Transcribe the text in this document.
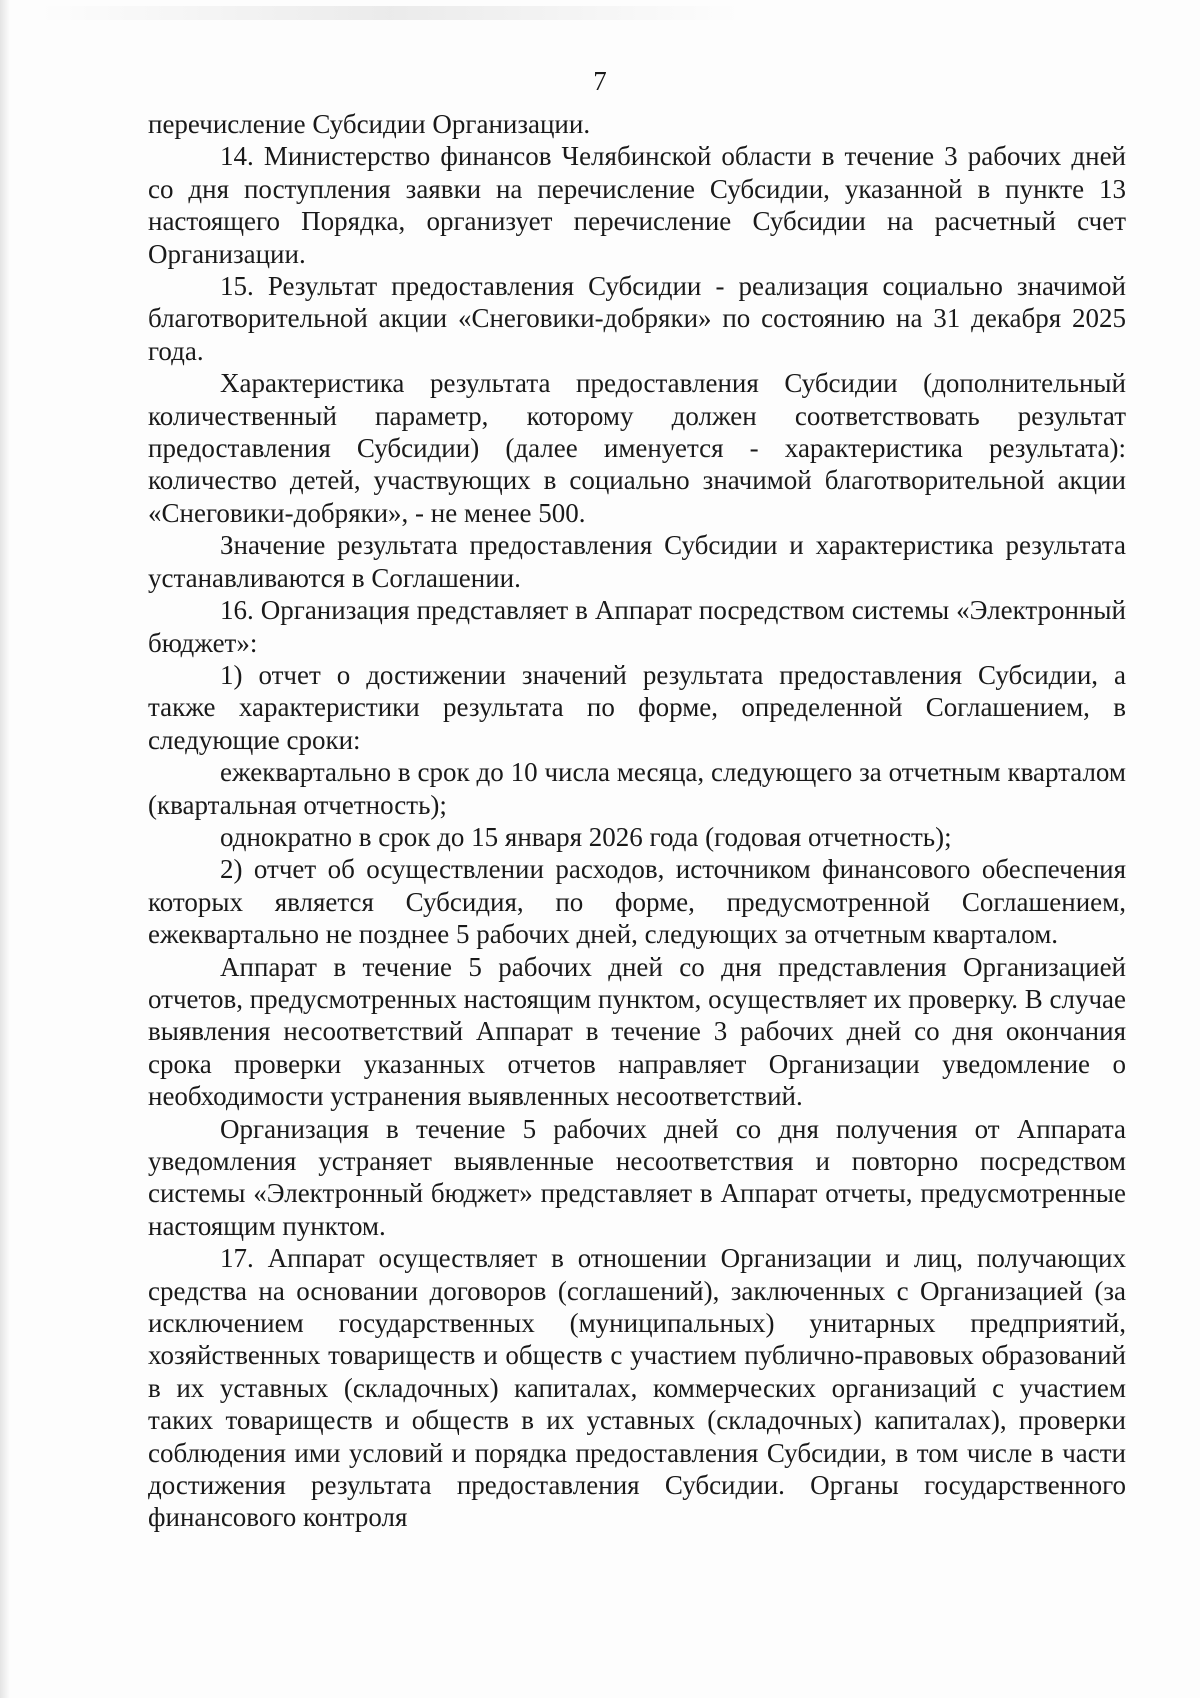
7

перечисление Субсидии Организации.

14. Министерство финансов Челябинской области в течение 3 рабочих дней со дня поступления заявки на перечисление Субсидии, указанной в пункте 13 настоящего Порядка, организует перечисление Субсидии на расчетный счет Организации.

15. Результат предоставления Субсидии - реализация социально значимой благотворительной акции «Снеговики-добряки» по состоянию на 31 декабря 2025 года.

Характеристика результата предоставления Субсидии (дополнительный количественный параметр, которому должен соответствовать результат предоставления Субсидии) (далее именуется - характеристика результата): количество детей, участвующих в социально значимой благотворительной акции «Снеговики-добряки», - не менее 500.

Значение результата предоставления Субсидии и характеристика результата устанавливаются в Соглашении.

16. Организация представляет в Аппарат посредством системы «Электронный бюджет»:

1) отчет о достижении значений результата предоставления Субсидии, а также характеристики результата по форме, определенной Соглашением, в следующие сроки:

ежеквартально в срок до 10 числа месяца, следующего за отчетным кварталом (квартальная отчетность);

однократно в срок до 15 января 2026 года (годовая отчетность);

2) отчет об осуществлении расходов, источником финансового обеспечения которых является Субсидия, по форме, предусмотренной Соглашением, ежеквартально не позднее 5 рабочих дней, следующих за отчетным кварталом.

Аппарат в течение 5 рабочих дней со дня представления Организацией отчетов, предусмотренных настоящим пунктом, осуществляет их проверку. В случае выявления несоответствий Аппарат в течение 3 рабочих дней со дня окончания срока проверки указанных отчетов направляет Организации уведомление о необходимости устранения выявленных несоответствий.

Организация в течение 5 рабочих дней со дня получения от Аппарата уведомления устраняет выявленные несоответствия и повторно посредством системы «Электронный бюджет» представляет в Аппарат отчеты, предусмотренные настоящим пунктом.

17. Аппарат осуществляет в отношении Организации и лиц, получающих средства на основании договоров (соглашений), заключенных с Организацией (за исключением государственных (муниципальных) унитарных предприятий, хозяйственных товариществ и обществ с участием публично-правовых образований в их уставных (складочных) капиталах, коммерческих организаций с участием таких товариществ и обществ в их уставных (складочных) капиталах), проверки соблюдения ими условий и порядка предоставления Субсидии, в том числе в части достижения результата предоставления Субсидии. Органы государственного финансового контроля
